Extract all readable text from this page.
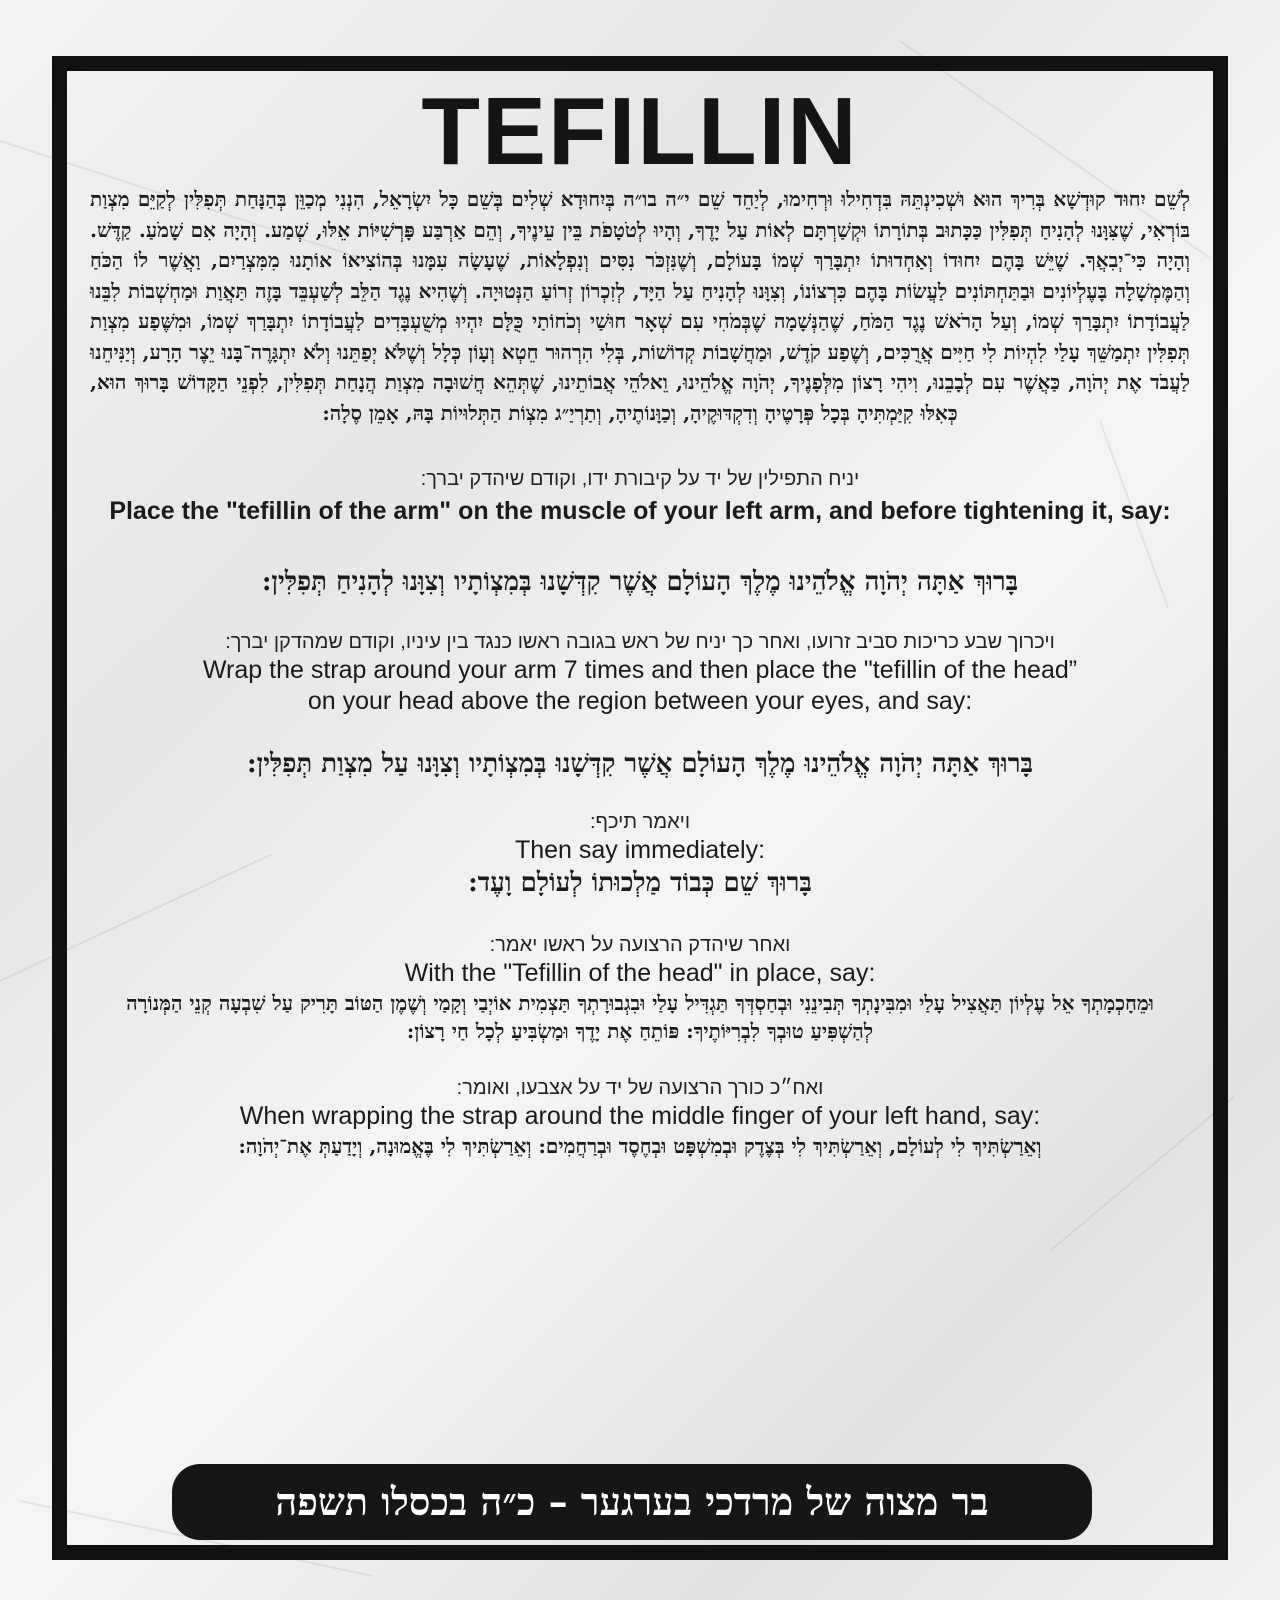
TEFILLIN
לְשֵׁם יִחוּד קוּדְשָׁא בְּרִיךְ הוּא וּשְׁכִינְתֵּהּ בִּדְחִילוּ וּרְחִימוּ, לְיַחֵד שֵׁם י״ה בו״ה בְּיִחוּדָא שְׁלִים בְּשֵׁם כָּל יִשְׂרָאֵל, הִנְנִי מְכַוֵּן בְּהַנָּחַת תְּפִלִּין לְקַיֵּם מִצְוַת בּוֹרְאִי, שֶׁצִּוָּנוּ לְהָנִיחַ תְּפִלִּין כַּכָּתוּב בְּתוֹרָתוֹ וּקְשַׁרְתָּם לְאוֹת עַל יָדֶךָ, וְהָיוּ לְטֹטָפֹת בֵּין עֵינֶיךָ, וְהֵם אַרְבַּע פָּרְשִׁיּוֹת אֵלּוּ, שְׁמַע. וְהָיָה אִם שָׁמֹעַ. קַדֶּשׁ. וְהָיָה כִּי־יְבִאֲךָ. שֶׁיֵּשׁ בָּהֶם יִחוּדוֹ וְאַחְדוּתוֹ יִתְבָּרַךְ שְׁמוֹ בָּעוֹלָם, וְשֶׁנִּזְכֹּר נִסִּים וְנִפְלָאוֹת, שֶׁעָשָׂה עִמָּנוּ בְּהוֹצִיאוֹ אוֹתָנוּ מִמִּצְרַיִם, וַאֲשֶׁר לוֹ הַכֹּחַ וְהַמֶּמְשָׁלָה בָּעֶלְיוֹנִים וּבַתַּחְתּוֹנִים לַעֲשׂוֹת בָּהֶם כִּרְצוֹנוֹ, וְצִוָּנוּ לְהָנִיחַ עַל הַיָּד, לְזִכְרוֹן זְרוֹעַ הַנְּטוּיָה. וְשֶׁהִיא נֶגֶד הַלֵּב לְשַׁעְבֵּד בָּזֶה תַּאֲוַת וּמַחְשְׁבוֹת לִבֵּנוּ לַעֲבוֹדָתוֹ יִתְבָּרַךְ שְׁמוֹ, וְעַל הָרֹאשׁ נֶגֶד הַמֹּחַ, שֶׁהַנְּשָׁמָה שֶׁבְּמֹחִי עִם שְׁאָר חוּשַׁי וְכֹחוֹתַי כֻּלָּם יִהְיוּ מְשֻׁעְבָּדִים לַעֲבוֹדָתוֹ יִתְבָּרַךְ שְׁמוֹ, וּמִשֶּׁפַע מִצְוַת תְּפִלִּין יִתְמַשֵּׁךְ עָלַי לִהְיוֹת לִי חַיִּים אֲרֻכִּים, וְשֶׁפַע קֹדֶשׁ, וּמַחֲשָׁבוֹת קְדוֹשׁוֹת, בְּלִי הִרְהוּר חֵטְא וְעָוֹן כְּלָל וְשֶׁלֹּא יְפַתֵּנוּ וְלֹא יִתְגָּרֶה־בָּנוּ יֵצֶר הָרָע, וְיַנִּיחֵנוּ לַעֲבֹד אֶת יְהֹוָה, כַּאֲשֶׁר עִם לְבָבֵנוּ, וִיהִי רָצוֹן מִלְּפָנֶיךָ, יְהֹוָה אֱלֹהֵינוּ, וֵאלֹהֵי אֲבוֹתֵינוּ, שֶׁתְּהֵא חֲשׁוּבָה מִצְוַת הֲנָחַת תְּפִלִּין, לִפְנֵי הַקָּדוֹשׁ בָּרוּךְ הוּא, כְּאִלּוּ קִיַּמְתִּיהָ בְּכָל פְּרָטֶיהָ וְדִקְדּוּקֶיהָ, וְכַוָּנוֹתֶיהָ, וְתַרְיַ״ג מִצְוֹת הַתְּלוּיוֹת בָּהּ, אָמֵן סֶלָה:
יניח התפילין של יד על קיבורת ידו, וקודם שיהדק יברך:
Place the "tefillin of the arm" on the muscle of your left arm, and before tightening it, say:
בָּרוּךְ אַתָּה יְהֹוָה אֱלֹהֵינוּ מֶלֶךְ הָעוֹלָם אֲשֶׁר קִדְּשָׁנוּ בְּמִצְוֹתָיו וְצִוָּנוּ לְהָנִיחַ תְּפִלִּין:
ויכרוך שבע כריכות סביב זרועו, ואחר כך יניח של ראש בגובה ראשו כנגד בין עיניו, וקודם שמהדקן יברך:
Wrap the strap around your arm 7 times and then place the "tefillin of the head”
on your head above the region between your eyes, and say:
בָּרוּךְ אַתָּה יְהֹוָה אֱלֹהֵינוּ מֶלֶךְ הָעוֹלָם אֲשֶׁר קִדְּשָׁנוּ בְּמִצְוֹתָיו וְצִוָּנוּ עַל מִצְוַת תְּפִלִּין:
ויאמר תיכף:
Then say immediately:
בָּרוּךְ שֵׁם כְּבוֹד מַלְכוּתוֹ לְעוֹלָם וָעֶד:
ואחר שיהדק הרצועה על ראשו יאמר:
With the "Tefillin of the head" in place, say:
וּמֵחָכְמָתְךָ אֵל עֶלְיוֹן תַּאֲצִיל עָלַי וּמִבִּינָתְךָ תְּבִינֵנִי וּבְחַסְדְּךָ תַּגְדִּיל עָלַי וּבִגְבוּרָתְךָ תַּצְמִית אוֹיְבַי וְקָמַי וְשֶׁמֶן הַטּוֹב תָּרִיק עַל שִׁבְעָה קְנֵי הַמְּנוֹרָה לְהַשְׁפִּיעַ טוּבְךָ לִבְרִיּוֹתֶיךָ: פּוֹתֵחַ אֶת יָדֶךָ וּמַשְׂבִּיעַ לְכָל חַי רָצוֹן:
ואח״כ כורך הרצועה של יד על אצבעו, ואומר:
When wrapping the strap around the middle finger of your left hand, say:
וְאֵרַשְׂתִּיךְ לִי לְעוֹלָם, וְאֵרַשְׂתִּיךְ לִי בְּצֶדֶק וּבְמִשְׁפָּט וּבְחֶסֶד וּבְרַחֲמִים: וְאֵרַשְׂתִּיךְ לִי בֶּאֱמוּנָה, וְיָדַעַתְּ אֶת־יְהֹוָה:
בר מצוה של מרדכי בערגער – כ״ה בכסלו תשפה
